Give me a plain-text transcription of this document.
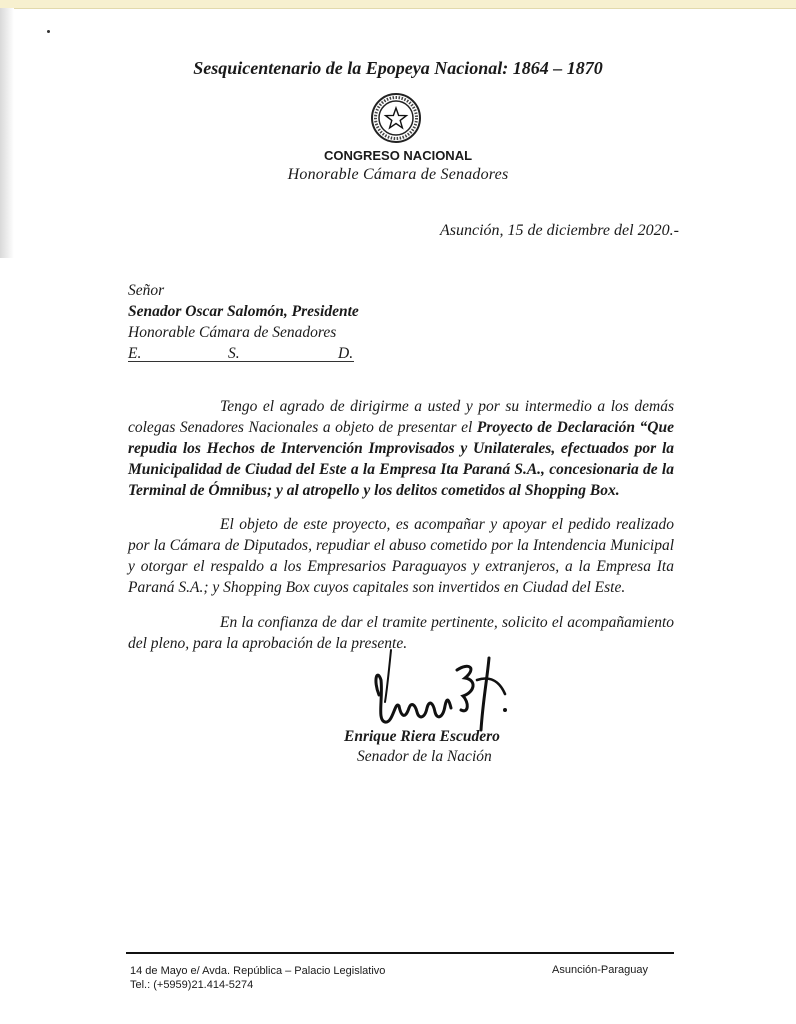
Sesquicentenario de la Epopeya Nacional: 1864 – 1870
CONGRESO NACIONAL
Honorable Cámara de Senadores
Asunción, 15 de diciembre del 2020.-
Señor
Senador Oscar Salomón, Presidente
Honorable Cámara de Senadores
E.	S.	D.
Tengo el agrado de dirigirme a usted y por su intermedio a los demás colegas Senadores Nacionales a objeto de presentar el Proyecto de Declaración “Que repudia los Hechos de Intervención Improvisados y Unilaterales, efectuados por la Municipalidad de Ciudad del Este a la Empresa Ita Paraná S.A., concesionaria de la Terminal de Ómnibus; y al atropello y los delitos cometidos al Shopping Box.
El objeto de este proyecto, es acompañar y apoyar el pedido realizado por la Cámara de Diputados, repudiar el abuso cometido por la Intendencia Municipal y otorgar el respaldo a los Empresarios Paraguayos y extranjeros, a la Empresa Ita Paraná S.A.; y Shopping Box cuyos capitales son invertidos en Ciudad del Este.
En la confianza de dar el tramite pertinente, solicito el acompañamiento del pleno, para la aprobación de la presente.
Enrique Riera Escudero
Senador de la Nación
14 de Mayo e/ Avda. República – Palacio Legislativo
Tel.: (+5959)21.414-5274
Asunción-Paraguay
